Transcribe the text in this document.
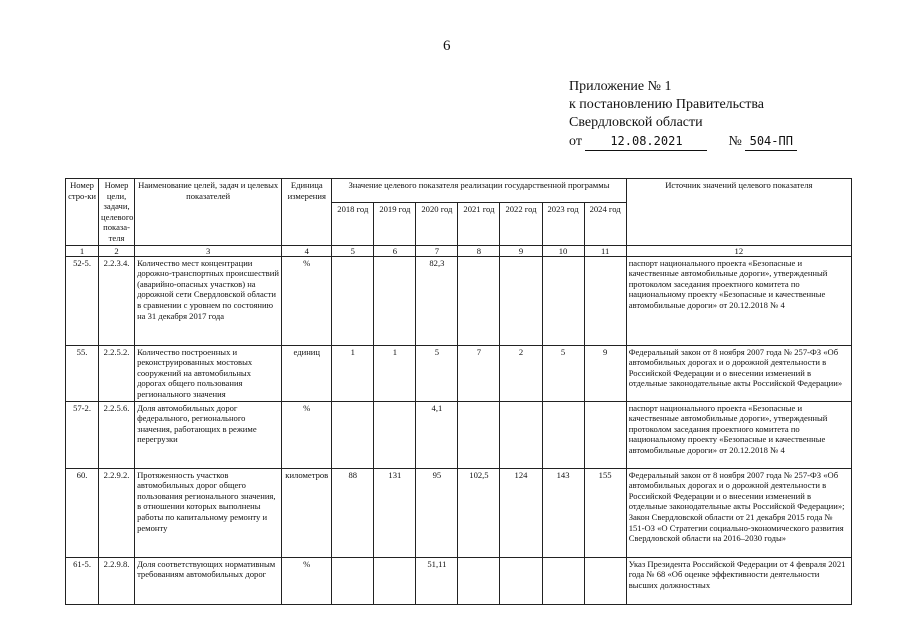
6
Приложение № 1
к постановлению Правительства
Свердловской области
от 12.08.2021	№ 504-ПП
Номер стро-ки	Номер цели, задачи, целевого показа-теля	Наименование целей, задач и целевых показателей	Единица измерения	Значение целевого показателя реализации государственной программы							Источник значений целевого показателя
				2018 год	2019 год	2020 год	2021 год	2022 год	2023 год	2024 год	
1	2	3	4	5	6	7	8	9	10	11	12
52-5.	2.2.3.4.	Количество мест концентрации дорожно-транспортных происшествий (аварийно-опасных участков) на дорожной сети Свердловской области в сравнении с уровнем по состоянию на 31 декабря 2017 года	%			82,3					паспорт национального проекта «Безопасные и качественные автомобильные дороги», утвержденный протоколом заседания проектного комитета по национальному проекту «Безопасные и качественные автомобильные дороги» от 20.12.2018 № 4
55.	2.2.5.2.	Количество построенных и реконструированных мостовых сооружений на автомобильных дорогах общего пользования регионального значения	единиц	1	1	5	7	2	5	9	Федеральный закон от 8 ноября 2007 года № 257-ФЗ «Об автомобильных дорогах и о дорожной деятельности в Российской Федерации и о внесении изменений в отдельные законодательные акты Российской Федерации»
57-2.	2.2.5.6.	Доля автомобильных дорог федерального, регионального значения, работающих в режиме перегрузки	%			4,1					паспорт национального проекта «Безопасные и качественные автомобильные дороги», утвержденный протоколом заседания проектного комитета по национальному проекту «Безопасные и качественные автомобильные дороги» от 20.12.2018 № 4
60.	2.2.9.2.	Протяженность участков автомобильных дорог общего пользования регионального значения, в отношении которых выполнены работы по капитальному ремонту и ремонту	километров	88	131	95	102,5	124	143	155	Федеральный закон от 8 ноября 2007 года № 257-ФЗ «Об автомобильных дорогах и о дорожной деятельности в Российской Федерации и о внесении изменений в отдельные законодательные акты Российской Федерации»; Закон Свердловской области от 21 декабря 2015 года № 151-ОЗ «О Стратегии социально-экономического развития Свердловской области на 2016–2030 годы»
61-5.	2.2.9.8.	Доля соответствующих нормативным требованиям автомобильных дорог	%			51,11					Указ Президента Российской Федерации от 4 февраля 2021 года № 68 «Об оценке эффективности деятельности высших должностных
